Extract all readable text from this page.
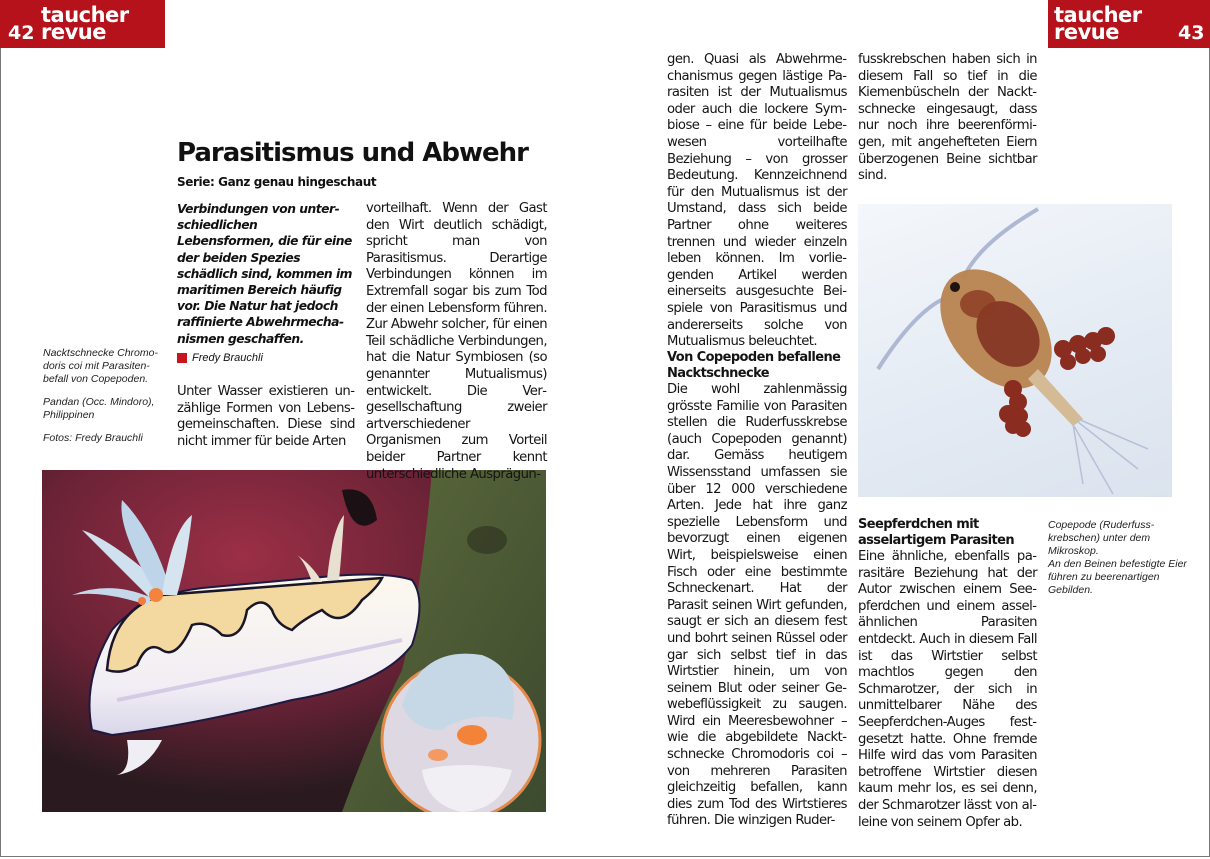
taucher
revue
42
taucher
revue	43
Parasitismus und Abwehr
Serie: Ganz genau hingeschaut
Verbindungen von unterschiedlichen Lebensformen, die für eine der beiden Spezies schädlich sind, kommen im maritimen Bereich häufig vor. Die Natur hat jedoch raffinierte Abwehrmechanismen geschaffen.
Fredy Brauchli

Nacktschnecke Chromodoris coi mit Parasitenbefall von Copepoden.

Pandan (Occ. Mindoro), Philippinen

Fotos: Fredy Brauchli

Unter Wasser existieren unzählige Formen von Lebensgemeinschaften. Diese sind nicht immer für beide Arten
vorteilhaft. Wenn der Gast den Wirt deutlich schädigt, spricht man von Parasitismus. Derartige Verbindungen können im Extremfall sogar bis zum Tod der einen Lebensform führen. Zur Abwehr solcher, für einen Teil schädliche Verbindungen, hat die Natur Symbiosen (so genannter Mutualismus) entwickelt. Die Vergesellschaftung zweier artverschiedener Organismen zum Vorteil beider Partner kennt unterschiedliche Ausprägun-
gen. Quasi als Abwehrmechanismus gegen lästige Parasiten ist der Mutualismus oder auch die lockere Symbiose – eine für beide Lebewesen vorteilhafte Beziehung – von grosser Bedeutung. Kennzeichnend für den Mutualismus ist der Umstand, dass sich beide Partner ohne weiteres trennen und wieder einzeln leben können. Im vorliegenden Artikel werden einerseits ausgesuchte Beispiele von Parasitismus und andererseits solche von Mutualismus beleuchtet.
Von Copepoden befallene Nacktschnecke
Die wohl zahlenmässig grösste Familie von Parasiten stellen die Ruderfusskrebse (auch Copepoden genannt) dar. Gemäss heutigem Wissensstand umfassen sie über 12 000 verschiedene Arten. Jede hat ihre ganz spezielle Lebensform und bevorzugt einen eigenen Wirt, beispielsweise einen Fisch oder eine bestimmte Schneckenart. Hat der Parasit seinen Wirt gefunden, saugt er sich an diesem fest und bohrt seinen Rüssel oder gar sich selbst tief in das Wirtstier hinein, um von seinem Blut oder seiner Gewebeflüssigkeit zu saugen. Wird ein Meeresbewohner – wie die abgebildete Nacktschnecke Chromodoris coi – von mehreren Parasiten gleichzeitig befallen, kann dies zum Tod des Wirtstieres führen. Die winzigen Ruder-
fusskrebschen haben sich in diesem Fall so tief in die Kiemenbüscheln der Nacktschnecke eingesaugt, dass nur noch ihre beerenförmigen, mit angehefteten Eiern überzogenen Beine sichtbar sind.
Seepferdchen mit asselartigem Parasiten
Eine ähnliche, ebenfalls parasitäre Beziehung hat der Autor zwischen einem Seepferdchen und einem asselähnlichen Parasiten entdeckt. Auch in diesem Fall ist das Wirtstier selbst machtlos gegen den Schmarotzer, der sich in unmittelbarer Nähe des Seepferdchen-Auges festgesetzt hatte. Ohne fremde Hilfe wird das vom Parasiten betroffene Wirtstier diesen kaum mehr los, es sei denn, der Schmarotzer lässt von alleine von seinem Opfer ab.
Copepode (Ruderfusskrebschen) unter dem Mikroskop.
An den Beinen befestigte Eier führen zu beerenartigen Gebilden.
